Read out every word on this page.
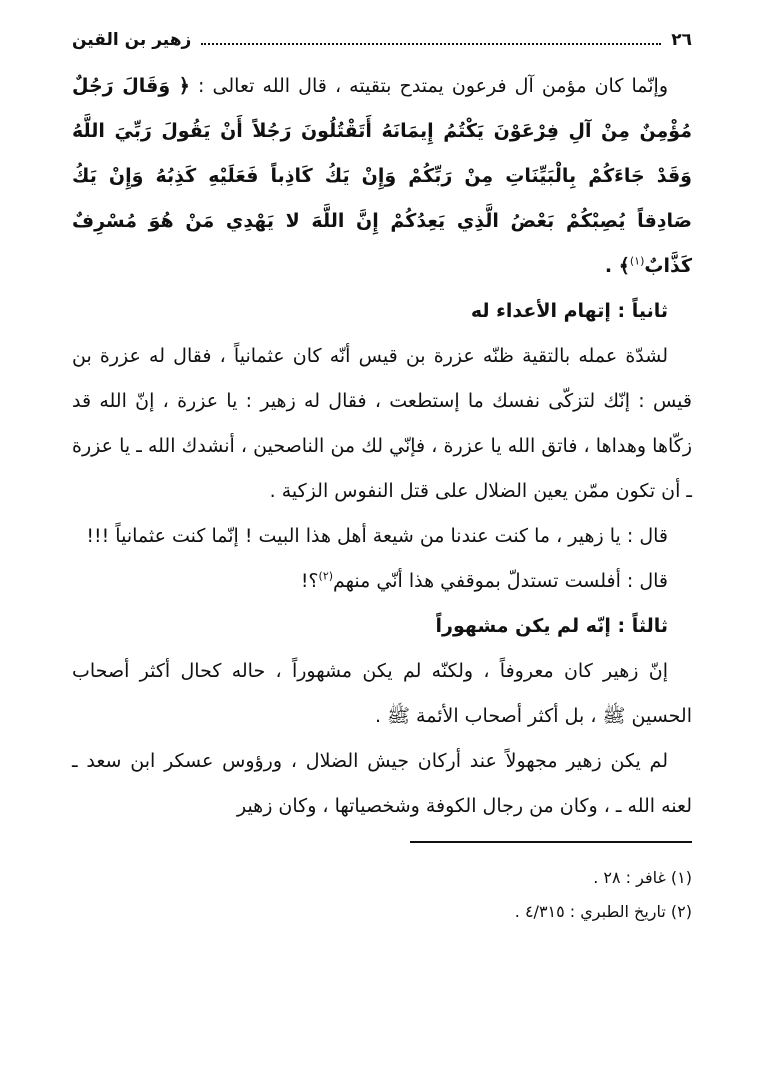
٢٦
زهير بن القين

وإنّما كان مؤمن آل فرعون يمتدح بتقيته ، قال الله تعالى : ﴿ وَقَالَ رَجُلٌ مُؤْمِنٌ مِنْ آلِ فِرْعَوْنَ يَكْتُمُ إِيمَانَهُ أَتَقْتُلُونَ رَجُلاً أَنْ يَقُولَ رَبِّيَ اللَّهُ وَقَدْ جَاءَكُمْ بِالْبَيِّنَاتِ مِنْ رَبِّكُمْ وَإِنْ يَكُ كَاذِباً فَعَلَيْهِ كَذِبُهُ وَإِنْ يَكُ صَادِقاً يُصِبْكُمْ بَعْضُ الَّذِي يَعِدُكُمْ إِنَّ اللَّهَ لا يَهْدِي مَنْ هُوَ مُسْرِفٌ كَذَّابٌ$^{(١)}$﴾ .

ثانياً : إتهام الأعداء له

لشدّة عمله بالتقية ظنّه عزرة بن قيس أنّه كان عثمانياً ، فقال له عزرة بن قيس : إنّك لتزكّى نفسك ما إستطعت ، فقال له زهير : يا عزرة ، إنّ الله قد زكّاها وهداها ، فاتق الله يا عزرة ، فإنّي لك من الناصحين ، أنشدك الله ـ يا عزرة ـ أن تكون ممّن يعين الضلال على قتل النفوس الزكية .

قال : يا زهير ، ما كنت عندنا من شيعة أهل هذا البيت ! إنّما كنت عثمانياً !!!

قال : أفلست تستدلّ بموقفي هذا أنّي منهم$^{(٢)}$؟!

ثالثاً : إنّه لم يكن مشهوراً

إنّ زهير كان معروفاً ، ولكنّه لم يكن مشهوراً ، حاله كحال أكثر أصحاب الحسين ﷺ ، بل أكثر أصحاب الأئمة ﷺ .

لم يكن زهير مجهولاً عند أركان جيش الضلال ، ورؤوس عسكر ابن سعد ـ لعنه الله ـ ، وكان من رجال الكوفة وشخصياتها ، وكان زهير

(١) غافر : ٢٨ .
(٢) تاريخ الطبري : ٤/٣١٥ .
